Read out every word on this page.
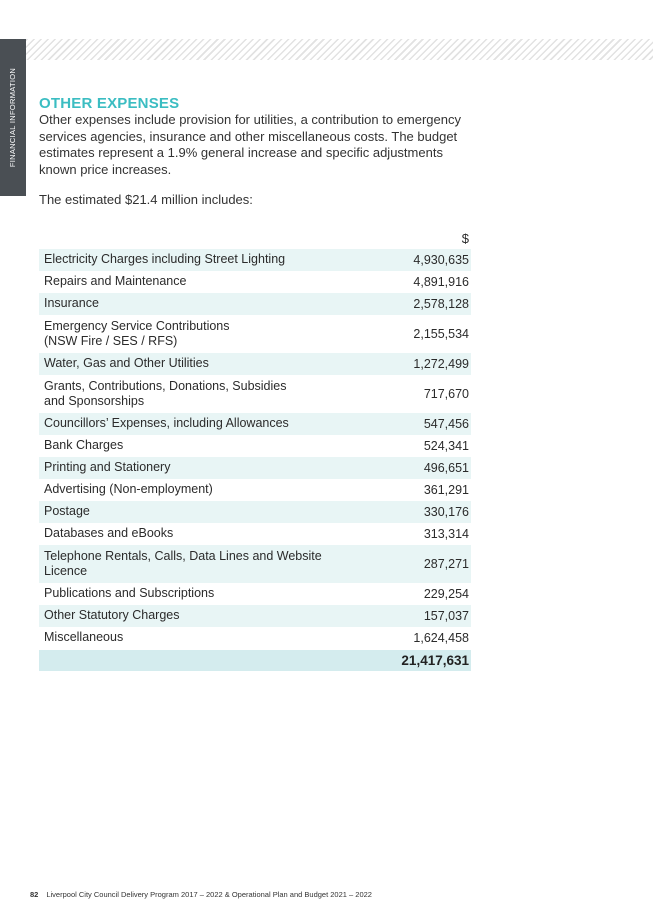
FINANCIAL INFORMATION OTHER EXPENSES

Other expenses include provision for utilities, a contribution to emergency services agencies, insurance and other miscellaneous costs. The budget estimates represent a 1.9% general increase and specific adjustments known price increases.

The estimated $21.4 million includes:

$
Electricity Charges including Street Lighting	4,930,635
Repairs and Maintenance	4,891,916
Insurance	2,578,128
Emergency Service Contributions
(NSW Fire / SES / RFS)	2,155,534
Water, Gas and Other Utilities	1,272,499
Grants, Contributions, Donations, Subsidies
and Sponsorships	717,670
Councillors’ Expenses, including Allowances	547,456
Bank Charges	524,341
Printing and Stationery	496,651
Advertising (Non-employment)	361,291
Postage	330,176
Databases and eBooks	313,314
Telephone Rentals, Calls, Data Lines and Website
Licence	287,271
Publications and Subscriptions	229,254
Other Statutory Charges	157,037
Miscellaneous	1,624,458
21,417,631
82 Liverpool City Council Delivery Program 2017 – 2022 & Operational Plan and Budget 2021 – 2022
